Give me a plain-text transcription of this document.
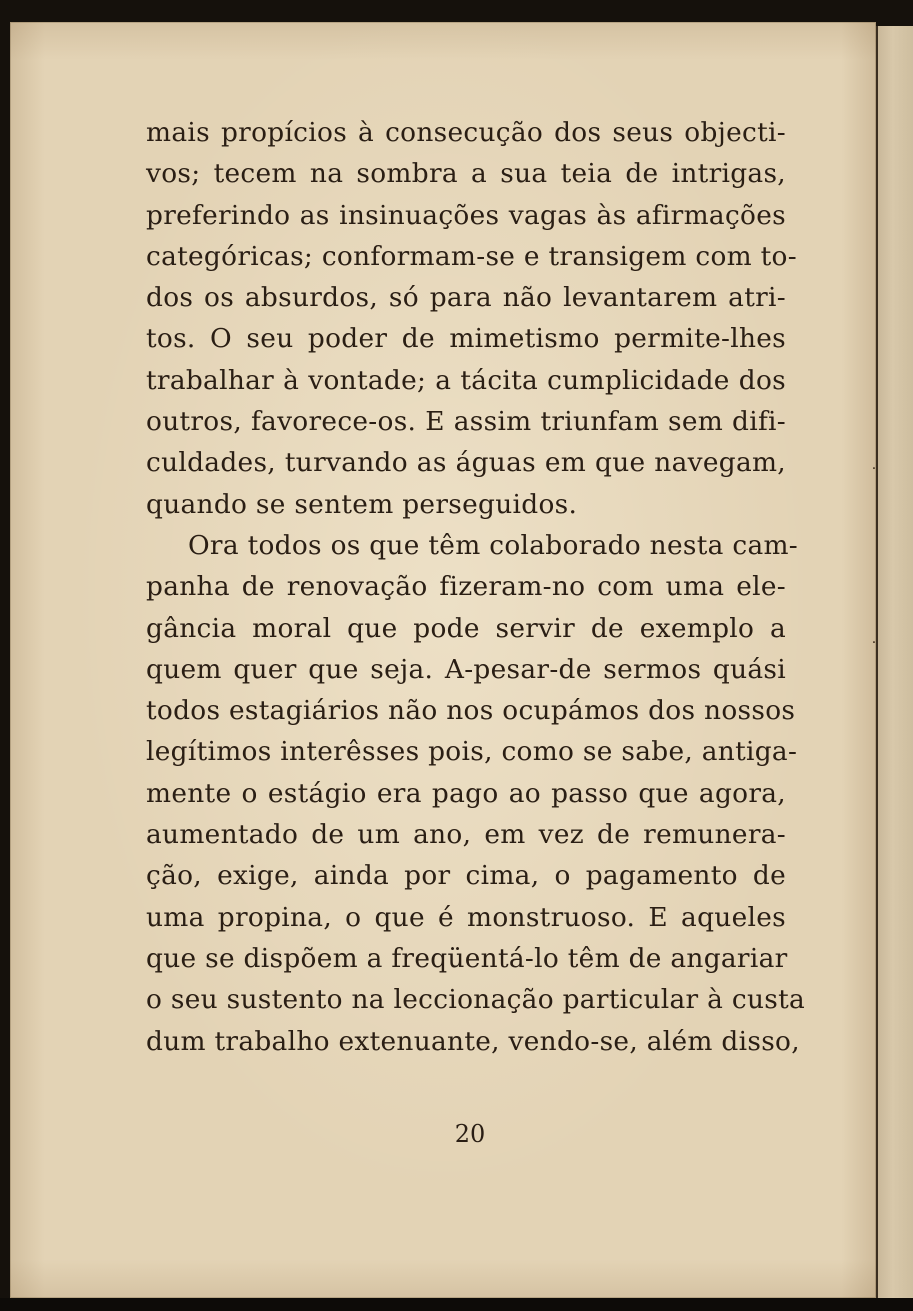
·
·
mais propícios à consecução dos seus objecti-
vos; tecem na sombra a sua teia de intrigas,
preferindo as insinuações vagas às afirmações
categóricas; conformam-se e transigem com to-
dos os absurdos, só para não levantarem atri-
tos. O seu poder de mimetismo permite-lhes
trabalhar à vontade; a tácita cumplicidade dos
outros, favorece-os. E assim triunfam sem difi-
culdades, turvando as águas em que navegam,
quando se sentem perseguidos.
Ora todos os que têm colaborado nesta cam-
panha de renovação fizeram-no com uma ele-
gância moral que pode servir de exemplo a
quem quer que seja. A-pesar-de sermos quási
todos estagiários não nos ocupámos dos nossos
legítimos interêsses pois, como se sabe, antiga-
mente o estágio era pago ao passo que agora,
aumentado de um ano, em vez de remunera-
ção, exige, ainda por cima, o pagamento de
uma propina, o que é monstruoso. E aqueles
que se dispõem a freqüentá-lo têm de angariar
o seu sustento na leccionação particular à custa
dum trabalho extenuante, vendo-se, além disso,
20
